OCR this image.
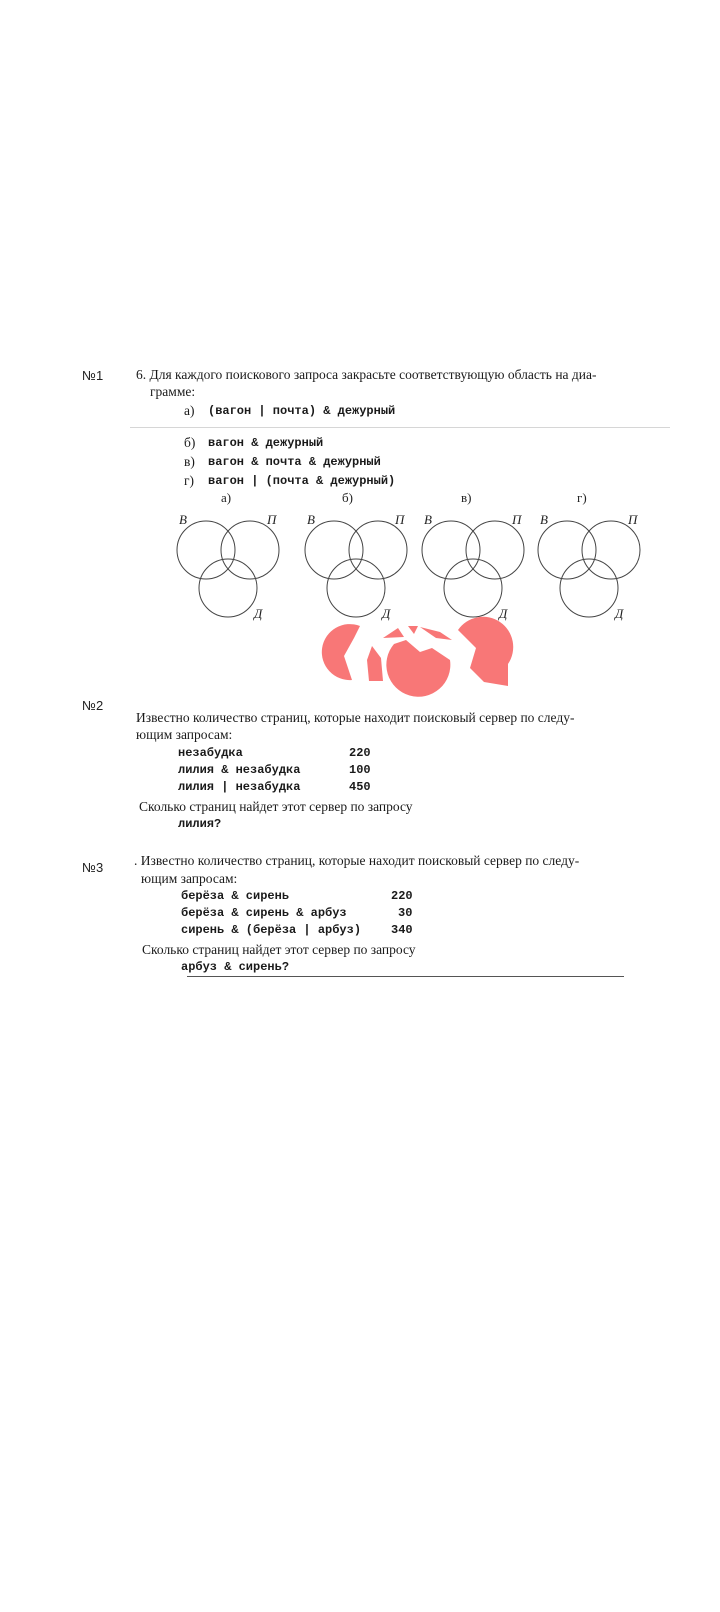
№1 6. Для каждого поискового запроса закрасьте соответствующую область на диа-
грамме:
а) (вагон | почта) & дежурный
б) вагон & дежурный
в) вагон & почта & дежурный
г) вагон | (почта & дежурный)
а)	б)	в)	г)
В	П
Д
В	П
Д
В	П
Д
В	П
Д
№2
Известно количество страниц, которые находит поисковый сервер по следу-
ющим запросам:
незабудка	220
лилия & незабудка	100
лилия | незабудка	450
Сколько страниц найдет этот сервер по запросу
лилия?
№3 . Известно количество страниц, которые находит поисковый сервер по следу-
ющим запросам:
берёза & сирень	220
берёза & сирень & арбуз	30
сирень & (берёза | арбуз) 340
Сколько страниц найдет этот сервер по запросу
арбуз & сирень?
